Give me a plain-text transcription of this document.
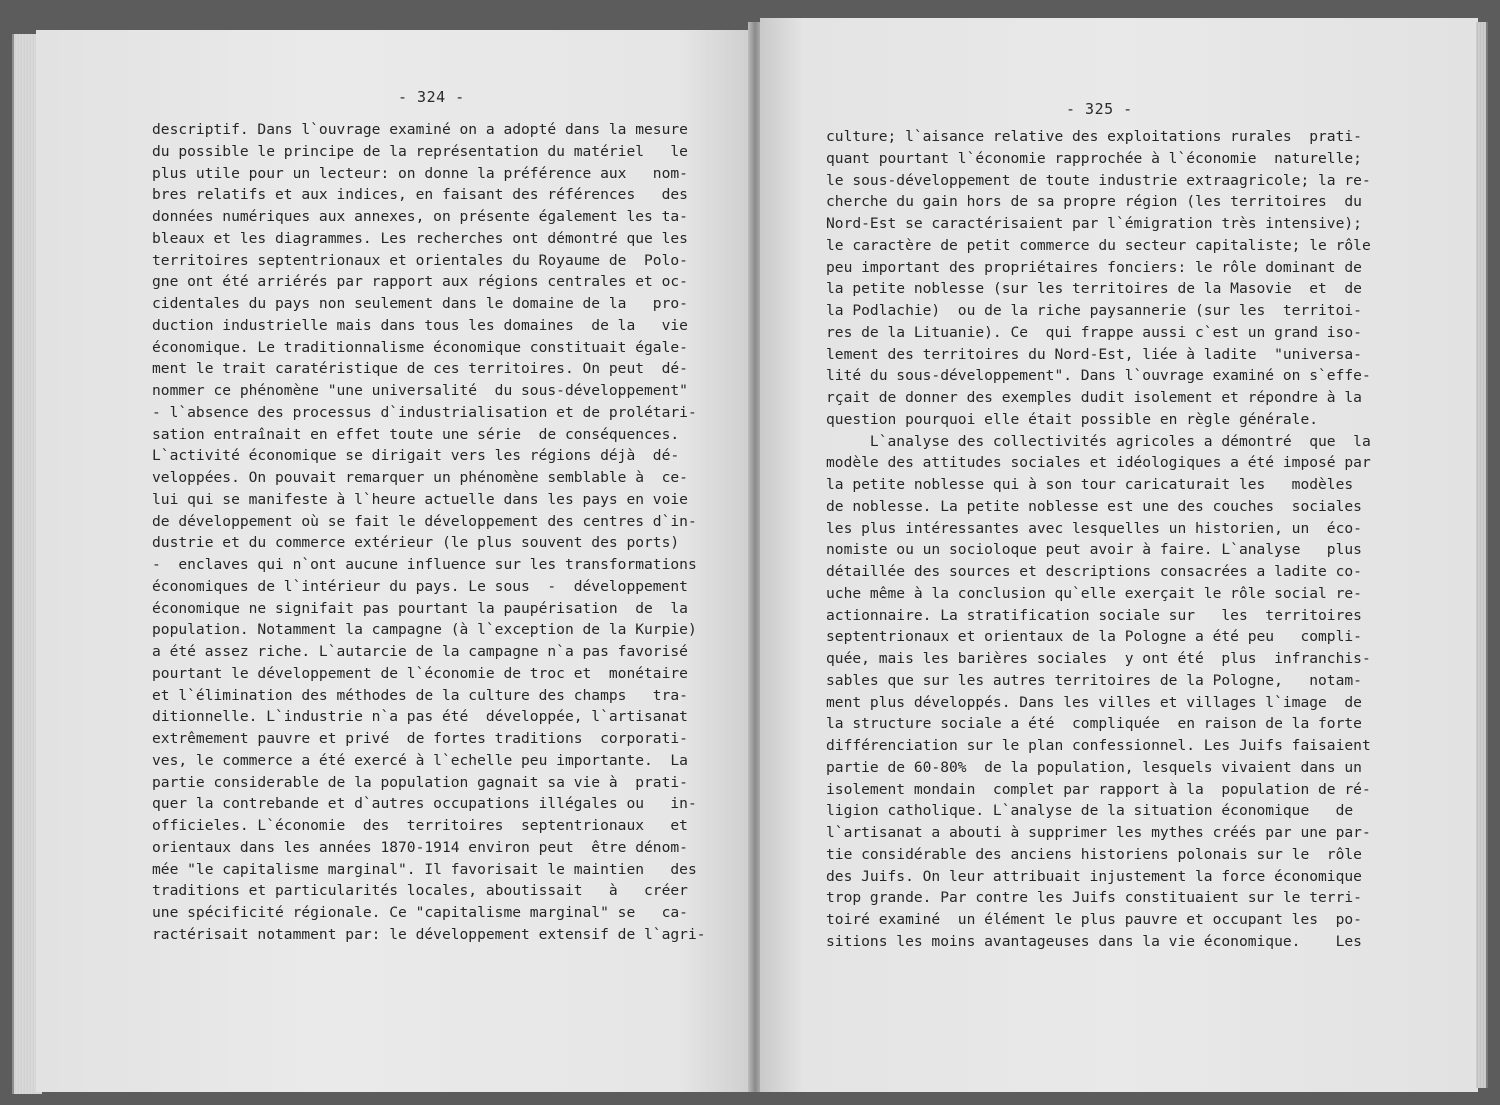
- 324 -
descriptif. Dans l`ouvrage examiné on a adopté dans la mesure
du possible le principe de la représentation du matériel   le
plus utile pour un lecteur: on donne la préférence aux   nom-
bres relatifs et aux indices, en faisant des références   des
données numériques aux annexes, on présente également les ta-
bleaux et les diagrammes. Les recherches ont démontré que les
territoires septentrionaux et orientales du Royaume de  Polo-
gne ont été arriérés par rapport aux régions centrales et oc-
cidentales du pays non seulement dans le domaine de la   pro-
duction industrielle mais dans tous les domaines  de la   vie
économique. Le traditionnalisme économique constituait égale-
ment le trait caratéristique de ces territoires. On peut  dé-
nommer ce phénomène "une universalité  du sous-développement"
- l`absence des processus d`industrialisation et de prolétari-
sation entraînait en effet toute une série  de conséquences.
L`activité économique se dirigait vers les régions déjà  dé-
veloppées. On pouvait remarquer un phénomène semblable à  ce-
lui qui se manifeste à l`heure actuelle dans les pays en voie
de développement où se fait le développement des centres d`in-
dustrie et du commerce extérieur (le plus souvent des ports)
-  enclaves qui n`ont aucune influence sur les transformations
économiques de l`intérieur du pays. Le sous  -  développement
économique ne signifait pas pourtant la paupérisation  de  la
population. Notamment la campagne (à l`exception de la Kurpie)
a été assez riche. L`autarcie de la campagne n`a pas favorisé
pourtant le développement de l`économie de troc et  monétaire
et l`élimination des méthodes de la culture des champs   tra-
ditionnelle. L`industrie n`a pas été  développée, l`artisanat
extrêmement pauvre et privé  de fortes traditions  corporati-
ves, le commerce a été exercé à l`echelle peu importante.  La
partie considerable de la population gagnait sa vie à  prati-
quer la contrebande et d`autres occupations illégales ou   in-
officieles. L`économie  des  territoires  septentrionaux   et
orientaux dans les années 1870-1914 environ peut  être dénom-
mée "le capitalisme marginal". Il favorisait le maintien   des
traditions et particularités locales, aboutissait   à   créer
une spécificité régionale. Ce "capitalisme marginal" se   ca-
ractérisait notamment par: le développement extensif de l`agri-
- 325 -
culture; l`aisance relative des exploitations rurales  prati-
quant pourtant l`économie rapprochée à l`économie  naturelle;
le sous-développement de toute industrie extraagricole; la re-
cherche du gain hors de sa propre région (les territoires  du
Nord-Est se caractérisaient par l`émigration très intensive);
le caractère de petit commerce du secteur capitaliste; le rôle
peu important des propriétaires fonciers: le rôle dominant de
la petite noblesse (sur les territoires de la Masovie  et  de
la Podlachie)  ou de la riche paysannerie (sur les  territoi-
res de la Lituanie). Ce  qui frappe aussi c`est un grand iso-
lement des territoires du Nord-Est, liée à ladite  "universa-
lité du sous-développement". Dans l`ouvrage examiné on s`effe-
rçait de donner des exemples dudit isolement et répondre à la
question pourquoi elle était possible en règle générale.
L`analyse des collectivités agricoles a démontré  que  la
modèle des attitudes sociales et idéologiques a été imposé par
la petite noblesse qui à son tour caricaturait les   modèles
de noblesse. La petite noblesse est une des couches  sociales
les plus intéressantes avec lesquelles un historien, un  éco-
nomiste ou un socioloque peut avoir à faire. L`analyse   plus
détaillée des sources et descriptions consacrées a ladite co-
uche même à la conclusion qu`elle exerçait le rôle social re-
actionnaire. La stratification sociale sur   les  territoires
septentrionaux et orientaux de la Pologne a été peu   compli-
quée, mais les barières sociales  y ont été  plus  infranchis-
sables que sur les autres territoires de la Pologne,   notam-
ment plus développés. Dans les villes et villages l`image  de
la structure sociale a été  compliquée  en raison de la forte
différenciation sur le plan confessionnel. Les Juifs faisaient
partie de 60-80%  de la population, lesquels vivaient dans un
isolement mondain  complet par rapport à la  population de ré-
ligion catholique. L`analyse de la situation économique   de
l`artisanat a abouti à supprimer les mythes créés par une par-
tie considérable des anciens historiens polonais sur le  rôle
des Juifs. On leur attribuait injustement la force économique
trop grande. Par contre les Juifs constituaient sur le terri-
toiré examiné  un élément le plus pauvre et occupant les  po-
sitions les moins avantageuses dans la vie économique.    Les
